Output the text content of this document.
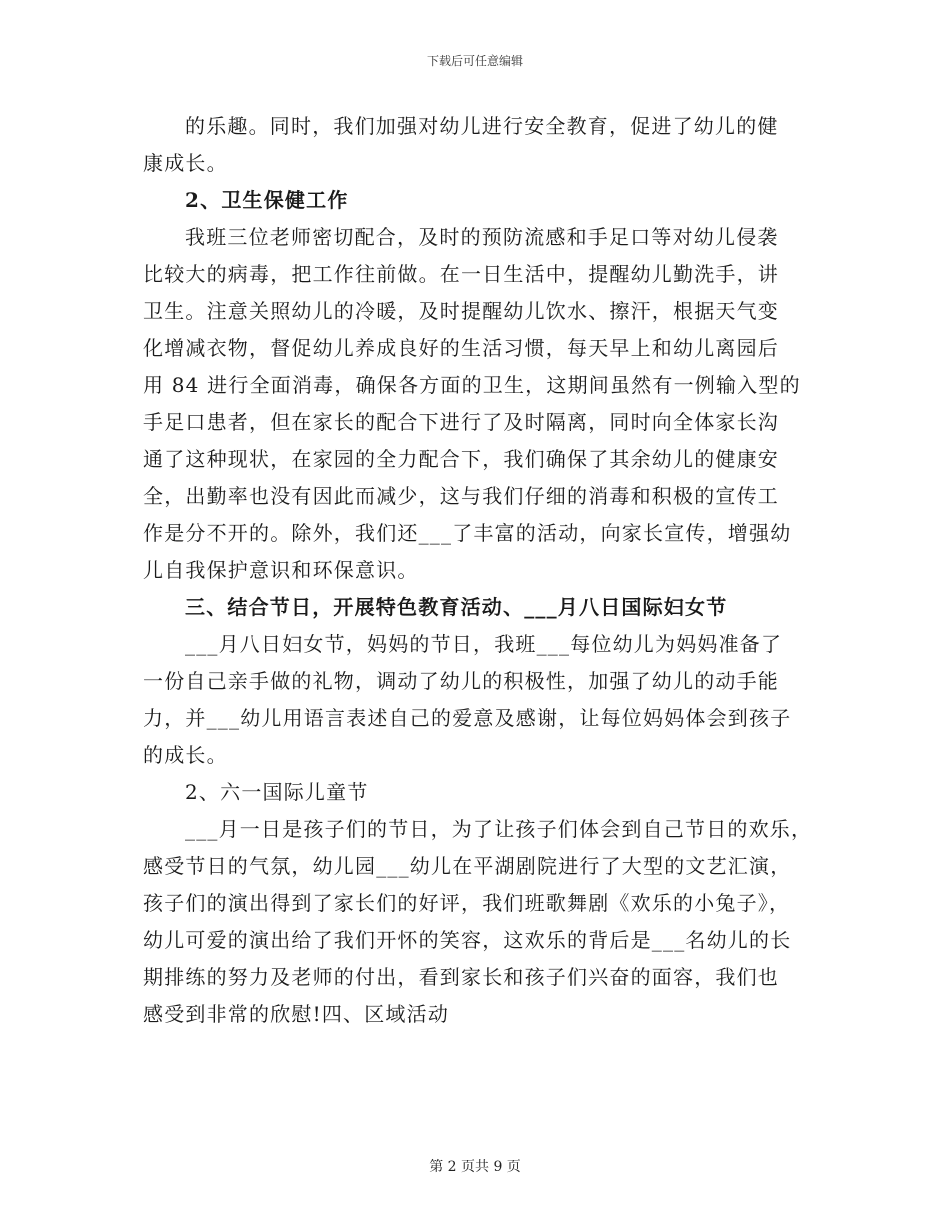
下载后可任意编辑
的乐趣。同时，我们加强对幼儿进行安全教育，促进了幼儿的健
康成长。
2、卫生保健工作
我班三位老师密切配合，及时的预防流感和手足口等对幼儿侵袭
比较大的病毒，把工作往前做。在一日生活中，提醒幼儿勤洗手，讲
卫生。注意关照幼儿的冷暖，及时提醒幼儿饮水、擦汗，根据天气变
化增减衣物，督促幼儿养成良好的生活习惯，每天早上和幼儿离园后
用 84 进行全面消毒，确保各方面的卫生，这期间虽然有一例输入型的
手足口患者，但在家长的配合下进行了及时隔离，同时向全体家长沟
通了这种现状，在家园的全力配合下，我们确保了其余幼儿的健康安
全，出勤率也没有因此而减少，这与我们仔细的消毒和积极的宣传工
作是分不开的。除外，我们还___了丰富的活动，向家长宣传，增强幼
儿自我保护意识和环保意识。
三、结合节日，开展特色教育活动、___月八日国际妇女节
___月八日妇女节，妈妈的节日，我班___每位幼儿为妈妈准备了
一份自己亲手做的礼物，调动了幼儿的积极性，加强了幼儿的动手能
力，并___幼儿用语言表述自己的爱意及感谢，让每位妈妈体会到孩子
的成长。
2、六一国际儿童节
___月一日是孩子们的节日，为了让孩子们体会到自己节日的欢乐，
感受节日的气氛，幼儿园___幼儿在平湖剧院进行了大型的文艺汇演，
孩子们的演出得到了家长们的好评，我们班歌舞剧《欢乐的小兔子》，
幼儿可爱的演出给了我们开怀的笑容，这欢乐的背后是___名幼儿的长
期排练的努力及老师的付出，看到家长和孩子们兴奋的面容，我们也
感受到非常的欣慰!四、区域活动
第 2 页共 9 页
